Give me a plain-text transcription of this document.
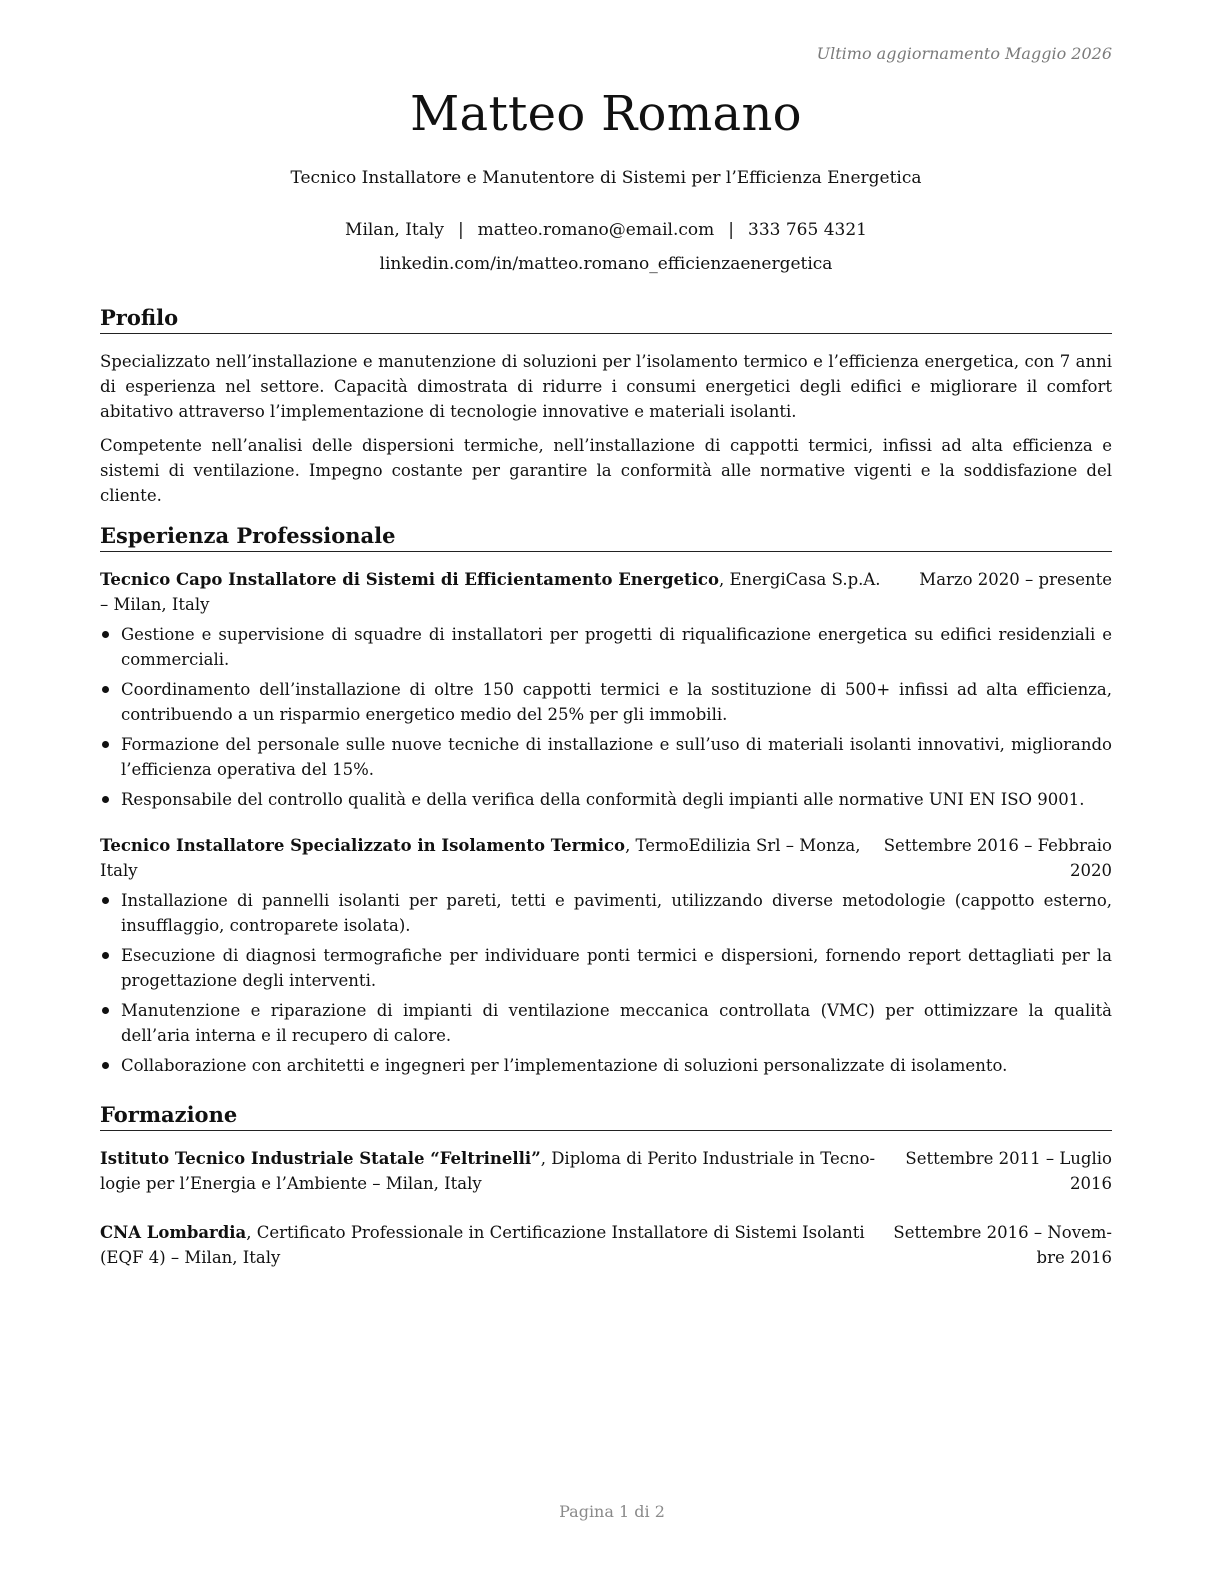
Ultimo aggiornamento Maggio 2026
Matteo Romano
Tecnico Installatore e Manutentore di Sistemi per l’Efficienza Energetica
Milan, Italy | matteo.romano@email.com | 333 765 4321
linkedin.com/in/matteo.romano_efficienzaenergetica
Profilo

Specializzato nell’installazione e manutenzione di soluzioni per l’isolamento termico e l’efficienza energetica, con 7 anni di esperienza nel settore. Capacità dimostrata di ridurre i consumi energetici degli edifici e migliorare il comfort abitativo attraverso l’implementazione di tecnologie innovative e materiali isolanti.

Competente nell’analisi delle dispersioni termiche, nell’installazione di cappotti termici, infissi ad alta efficienza e sistemi di ventilazione. Impegno costante per garantire la conformità alle normative vigenti e la soddisfazione del cliente.

Esperienza Professionale
Tecnico Capo Installatore di Sistemi di Efficientamento Energetico, EnergiCasa S.p.A.
– Milan, Italy
Marzo 2020 – presente
Gestione e supervisione di squadre di installatori per progetti di riqualificazione energetica su edifici residenziali e commerciali.
Coordinamento dell’installazione di oltre 150 cappotti termici e la sostituzione di 500+ infissi ad alta efficienza, contribuendo a un risparmio energetico medio del 25% per gli immobili.
Formazione del personale sulle nuove tecniche di installazione e sull’uso di materiali isolanti innovativi, migliorando l’efficienza operativa del 15%.
Responsabile del controllo qualità e della verifica della conformità degli impianti alle normative UNI EN ISO 9001.
Tecnico Installatore Specializzato in Isolamento Termico, TermoEdilizia Srl – Monza,
Italy
Settembre 2016 – Febbraio
2020
Installazione di pannelli isolanti per pareti, tetti e pavimenti, utilizzando diverse metodologie (cappotto esterno, insufflaggio, controparete isolata).
Esecuzione di diagnosi termografiche per individuare ponti termici e dispersioni, fornendo report dettagliati per la progettazione degli interventi.
Manutenzione e riparazione di impianti di ventilazione meccanica controllata (VMC) per ottimizzare la qualità dell’aria interna e il recupero di calore.
Collaborazione con architetti e ingegneri per l’implementazione di soluzioni personalizzate di isolamento.
Formazione
Istituto Tecnico Industriale Statale “Feltrinelli”, Diploma di Perito Industriale in Tecno-
logie per l’Energia e l’Ambiente – Milan, Italy
Settembre 2011 – Luglio
2016
CNA Lombardia, Certificato Professionale in Certificazione Installatore di Sistemi Isolanti
(EQF 4) – Milan, Italy
Settembre 2016 – Novem-
bre 2016
Pagina 1 di 2
